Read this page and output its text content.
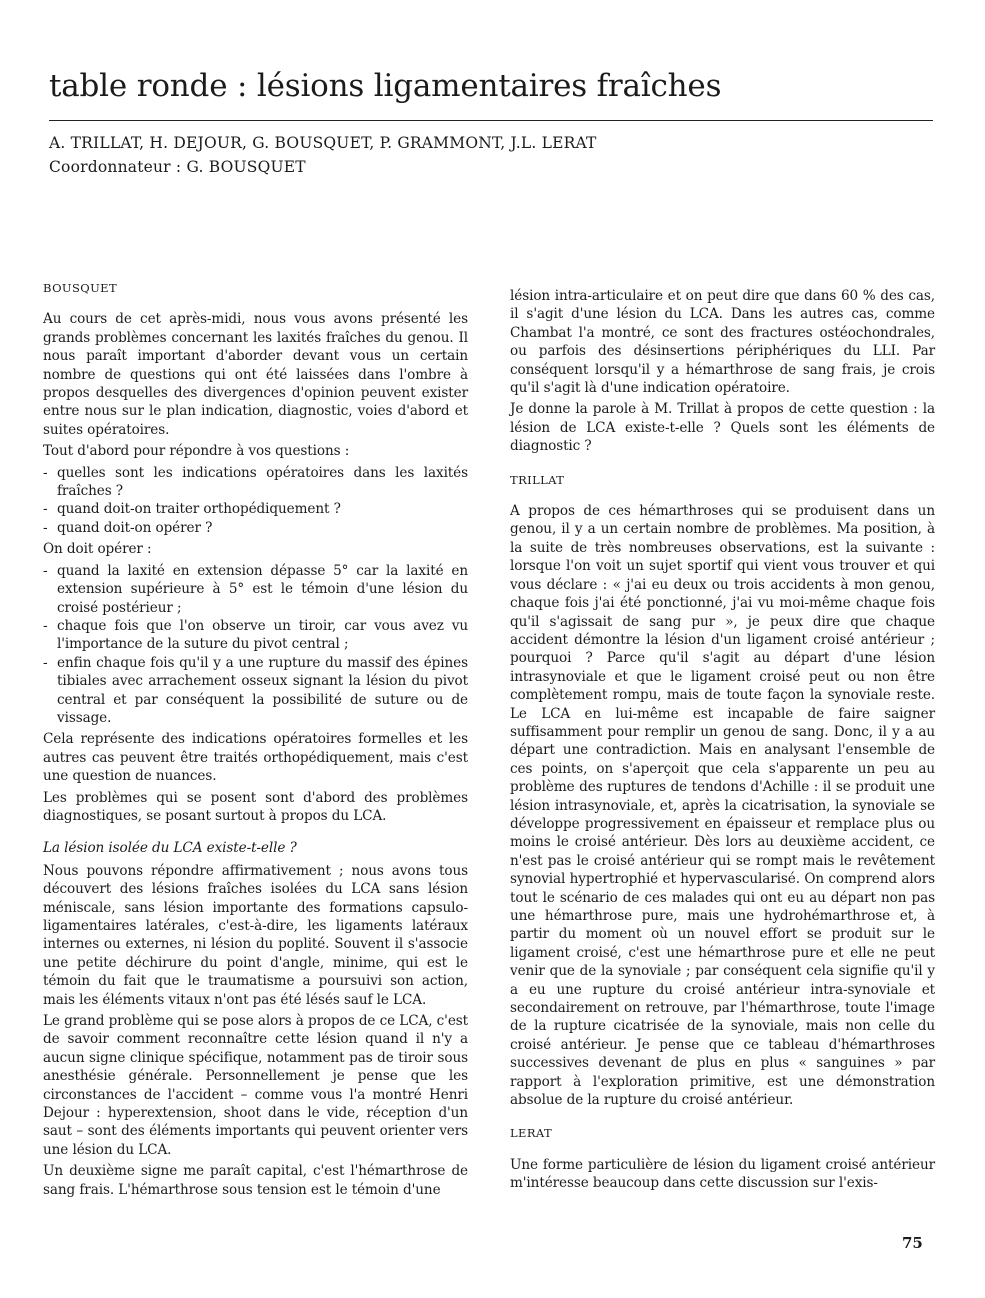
table ronde : lésions ligamentaires fraîches
A. TRILLAT, H. DEJOUR, G. BOUSQUET, P. GRAMMONT, J.L. LERAT
Coordonnateur : G. BOUSQUET
BOUSQUET

Au cours de cet après-midi, nous vous avons présenté les grands problèmes concernant les laxités fraîches du genou. Il nous paraît important d'aborder devant vous un certain nombre de questions qui ont été laissées dans l'ombre à propos desquelles des divergences d'opinion peuvent exister entre nous sur le plan indication, diagnostic, voies d'abord et suites opératoires.

Tout d'abord pour répondre à vos questions :

- quelles sont les indications opératoires dans les laxités fraîches ?
- quand doit-on traiter orthopédiquement ?
- quand doit-on opérer ?

On doit opérer :

- quand la laxité en extension dépasse 5° car la laxité en extension supérieure à 5° est le témoin d'une lésion du croisé postérieur ;
- chaque fois que l'on observe un tiroir, car vous avez vu l'importance de la suture du pivot central ;
- enfin chaque fois qu'il y a une rupture du massif des épines tibiales avec arrachement osseux signant la lésion du pivot central et par conséquent la possibilité de suture ou de vissage.

Cela représente des indications opératoires formelles et les autres cas peuvent être traités orthopédiquement, mais c'est une question de nuances.

Les problèmes qui se posent sont d'abord des problèmes diagnostiques, se posant surtout à propos du LCA.

La lésion isolée du LCA existe-t-elle ?

Nous pouvons répondre affirmativement ; nous avons tous découvert des lésions fraîches isolées du LCA sans lésion méniscale, sans lésion importante des formations capsulo-ligamentaires latérales, c'est-à-dire, les ligaments latéraux internes ou externes, ni lésion du poplité. Souvent il s'associe une petite déchirure du point d'angle, minime, qui est le témoin du fait que le traumatisme a poursuivi son action, mais les éléments vitaux n'ont pas été lésés sauf le LCA.

Le grand problème qui se pose alors à propos de ce LCA, c'est de savoir comment reconnaître cette lésion quand il n'y a aucun signe clinique spécifique, notamment pas de tiroir sous anesthésie générale. Personnellement je pense que les circonstances de l'accident – comme vous l'a montré Henri Dejour : hyperextension, shoot dans le vide, réception d'un saut – sont des éléments importants qui peuvent orienter vers une lésion du LCA.

Un deuxième signe me paraît capital, c'est l'hémarthrose de sang frais. L'hémarthrose sous tension est le témoin d'une

lésion intra-articulaire et on peut dire que dans 60 % des cas, il s'agit d'une lésion du LCA. Dans les autres cas, comme Chambat l'a montré, ce sont des fractures ostéochondrales, ou parfois des désinsertions périphériques du LLI. Par conséquent lorsqu'il y a hémarthrose de sang frais, je crois qu'il s'agit là d'une indication opératoire.

Je donne la parole à M. Trillat à propos de cette question : la lésion de LCA existe-t-elle ? Quels sont les éléments de diagnostic ?

TRILLAT

A propos de ces hémarthroses qui se produisent dans un genou, il y a un certain nombre de problèmes. Ma position, à la suite de très nombreuses observations, est la suivante : lorsque l'on voit un sujet sportif qui vient vous trouver et qui vous déclare : « j'ai eu deux ou trois accidents à mon genou, chaque fois j'ai été ponctionné, j'ai vu moi-même chaque fois qu'il s'agissait de sang pur », je peux dire que chaque accident démontre la lésion d'un ligament croisé antérieur ; pourquoi ? Parce qu'il s'agit au départ d'une lésion intrasynoviale et que le ligament croisé peut ou non être complètement rompu, mais de toute façon la synoviale reste. Le LCA en lui-même est incapable de faire saigner suffisamment pour remplir un genou de sang. Donc, il y a au départ une contradiction. Mais en analysant l'ensemble de ces points, on s'aperçoit que cela s'apparente un peu au problème des ruptures de tendons d'Achille : il se produit une lésion intrasynoviale, et, après la cicatrisation, la synoviale se développe progressivement en épaisseur et remplace plus ou moins le croisé antérieur. Dès lors au deuxième accident, ce n'est pas le croisé antérieur qui se rompt mais le revêtement synovial hypertrophié et hypervascularisé. On comprend alors tout le scénario de ces malades qui ont eu au départ non pas une hémarthrose pure, mais une hydrohémarthrose et, à partir du moment où un nouvel effort se produit sur le ligament croisé, c'est une hémarthrose pure et elle ne peut venir que de la synoviale ; par conséquent cela signifie qu'il y a eu une rupture du croisé antérieur intra-synoviale et secondairement on retrouve, par l'hémarthrose, toute l'image de la rupture cicatrisée de la synoviale, mais non celle du croisé antérieur. Je pense que ce tableau d'hémarthroses successives devenant de plus en plus « sanguines » par rapport à l'exploration primitive, est une démonstration absolue de la rupture du croisé antérieur.

LERAT

Une forme particulière de lésion du ligament croisé antérieur m'intéresse beaucoup dans cette discussion sur l'exis-

75
